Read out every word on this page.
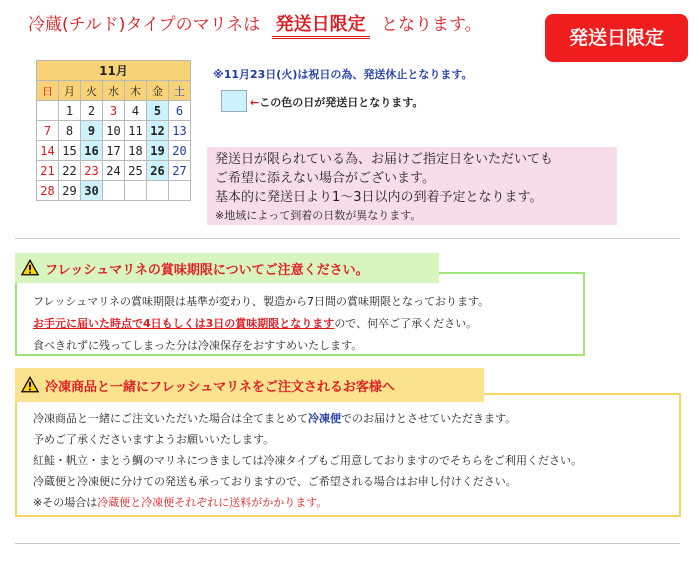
冷蔵(チルド)タイプのマリネは 発送日限定 となります。
発送日限定
11月						
日	月	火	水	木	金	土
	1	2	3	4	5	6
7	8	9	10	11	12	13
14	15	16	17	18	19	20
21	22	23	24	25	26	27
28	29	30				
※11月23日(火)は祝日の為、発送休止となります。
←この色の日が発送日となります。
発送日が限られている為、お届けご指定日をいただいても
ご希望に添えない場合がございます。
基本的に発送日より1～3日以内の到着予定となります。
※地域によって到着の日数が異なります。
フレッシュマリネの賞味期限は基準が変わり、製造から7日間の賞味期限となっております。
お手元に届いた時点で4日もしくは3日の賞味期限となりますので、何卒ご了承ください。
食べきれずに残ってしまった分は冷凍保存をおすすめいたします。
フレッシュマリネの賞味期限についてご注意ください。
冷凍商品と一緒にご注文いただいた場合は全てまとめて冷凍便でのお届けとさせていただきます。
予めご了承くださいますようお願いいたします。
紅鮭・帆立・まとう鯛のマリネにつきましては冷凍タイプもご用意しておりますのでそちらをご利用ください。
冷蔵便と冷凍便に分けての発送も承っておりますので、ご希望される場合はお申し付けください。
※その場合は冷蔵便と冷凍便それぞれに送料がかかります。
冷凍商品と一緒にフレッシュマリネをご注文されるお客様へ
